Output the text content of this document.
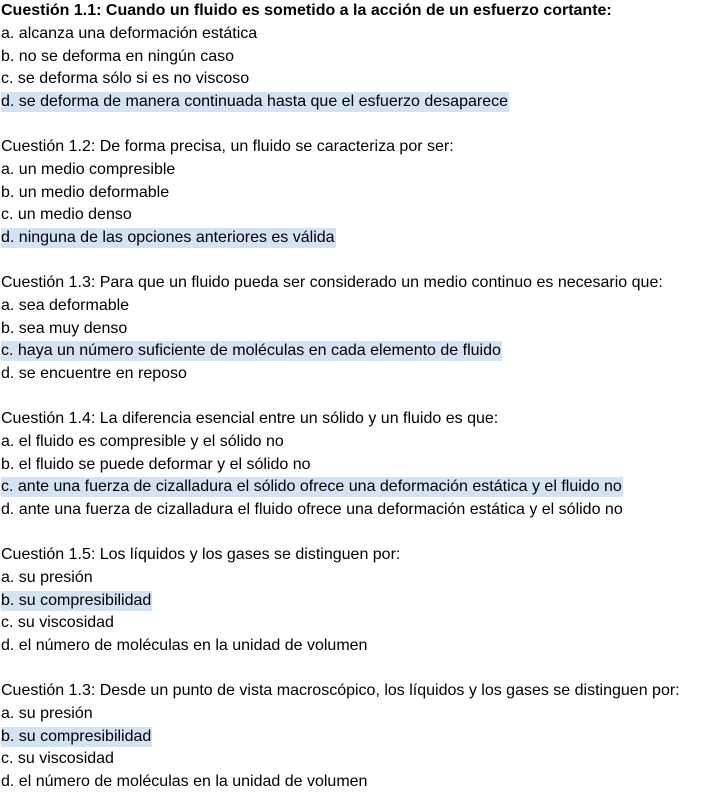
Cuestión 1.1: Cuando un fluido es sometido a la acción de un esfuerzo cortante:
a. alcanza una deformación estática
b. no se deforma en ningún caso
c. se deforma sólo si es no viscoso
d. se deforma de manera continuada hasta que el esfuerzo desaparece
Cuestión 1.2: De forma precisa, un fluido se caracteriza por ser:
a. un medio compresible
b. un medio deformable
c. un medio denso
d. ninguna de las opciones anteriores es válida
Cuestión 1.3: Para que un fluido pueda ser considerado un medio continuo es necesario que:
a. sea deformable
b. sea muy denso
c. haya un número suficiente de moléculas en cada elemento de fluido
d. se encuentre en reposo
Cuestión 1.4: La diferencia esencial entre un sólido y un fluido es que:
a. el fluido es compresible y el sólido no
b. el fluido se puede deformar y el sólido no
c. ante una fuerza de cizalladura el sólido ofrece una deformación estática y el fluido no
d. ante una fuerza de cizalladura el fluido ofrece una deformación estática y el sólido no
Cuestión 1.5: Los líquidos y los gases se distinguen por:
a. su presión
b. su compresibilidad
c. su viscosidad
d. el número de moléculas en la unidad de volumen
Cuestión 1.3: Desde un punto de vista macroscópico, los líquidos y los gases se distinguen por:
a. su presión
b. su compresibilidad
c. su viscosidad
d. el número de moléculas en la unidad de volumen
